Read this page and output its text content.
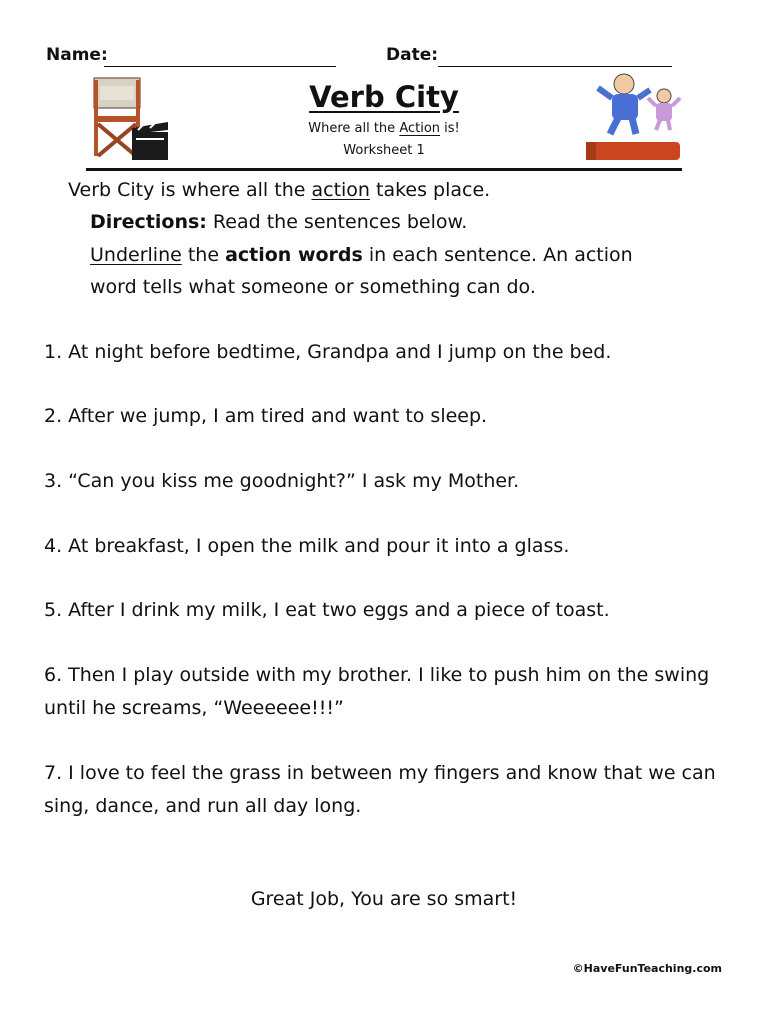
Name:	Date:
Verb City
Where all the Action is!
Worksheet 1
Verb City is where all the action takes place.
Directions: Read the sentences below.
Underline the action words in each sentence. An action
word tells what someone or something can do.
1. At night before bedtime, Grandpa and I jump on the bed.
2. After we jump, I am tired and want to sleep.
3. “Can you kiss me goodnight?” I ask my Mother.
4. At breakfast, I open the milk and pour it into a glass.
5. After I drink my milk, I eat two eggs and a piece of toast.
6. Then I play outside with my brother. I like to push him on the swing until he screams, “Weeeeee!!!”
7. I love to feel the grass in between my fingers and know that we can sing, dance, and run all day long.
Great Job, You are so smart!
©HaveFunTeaching.com
